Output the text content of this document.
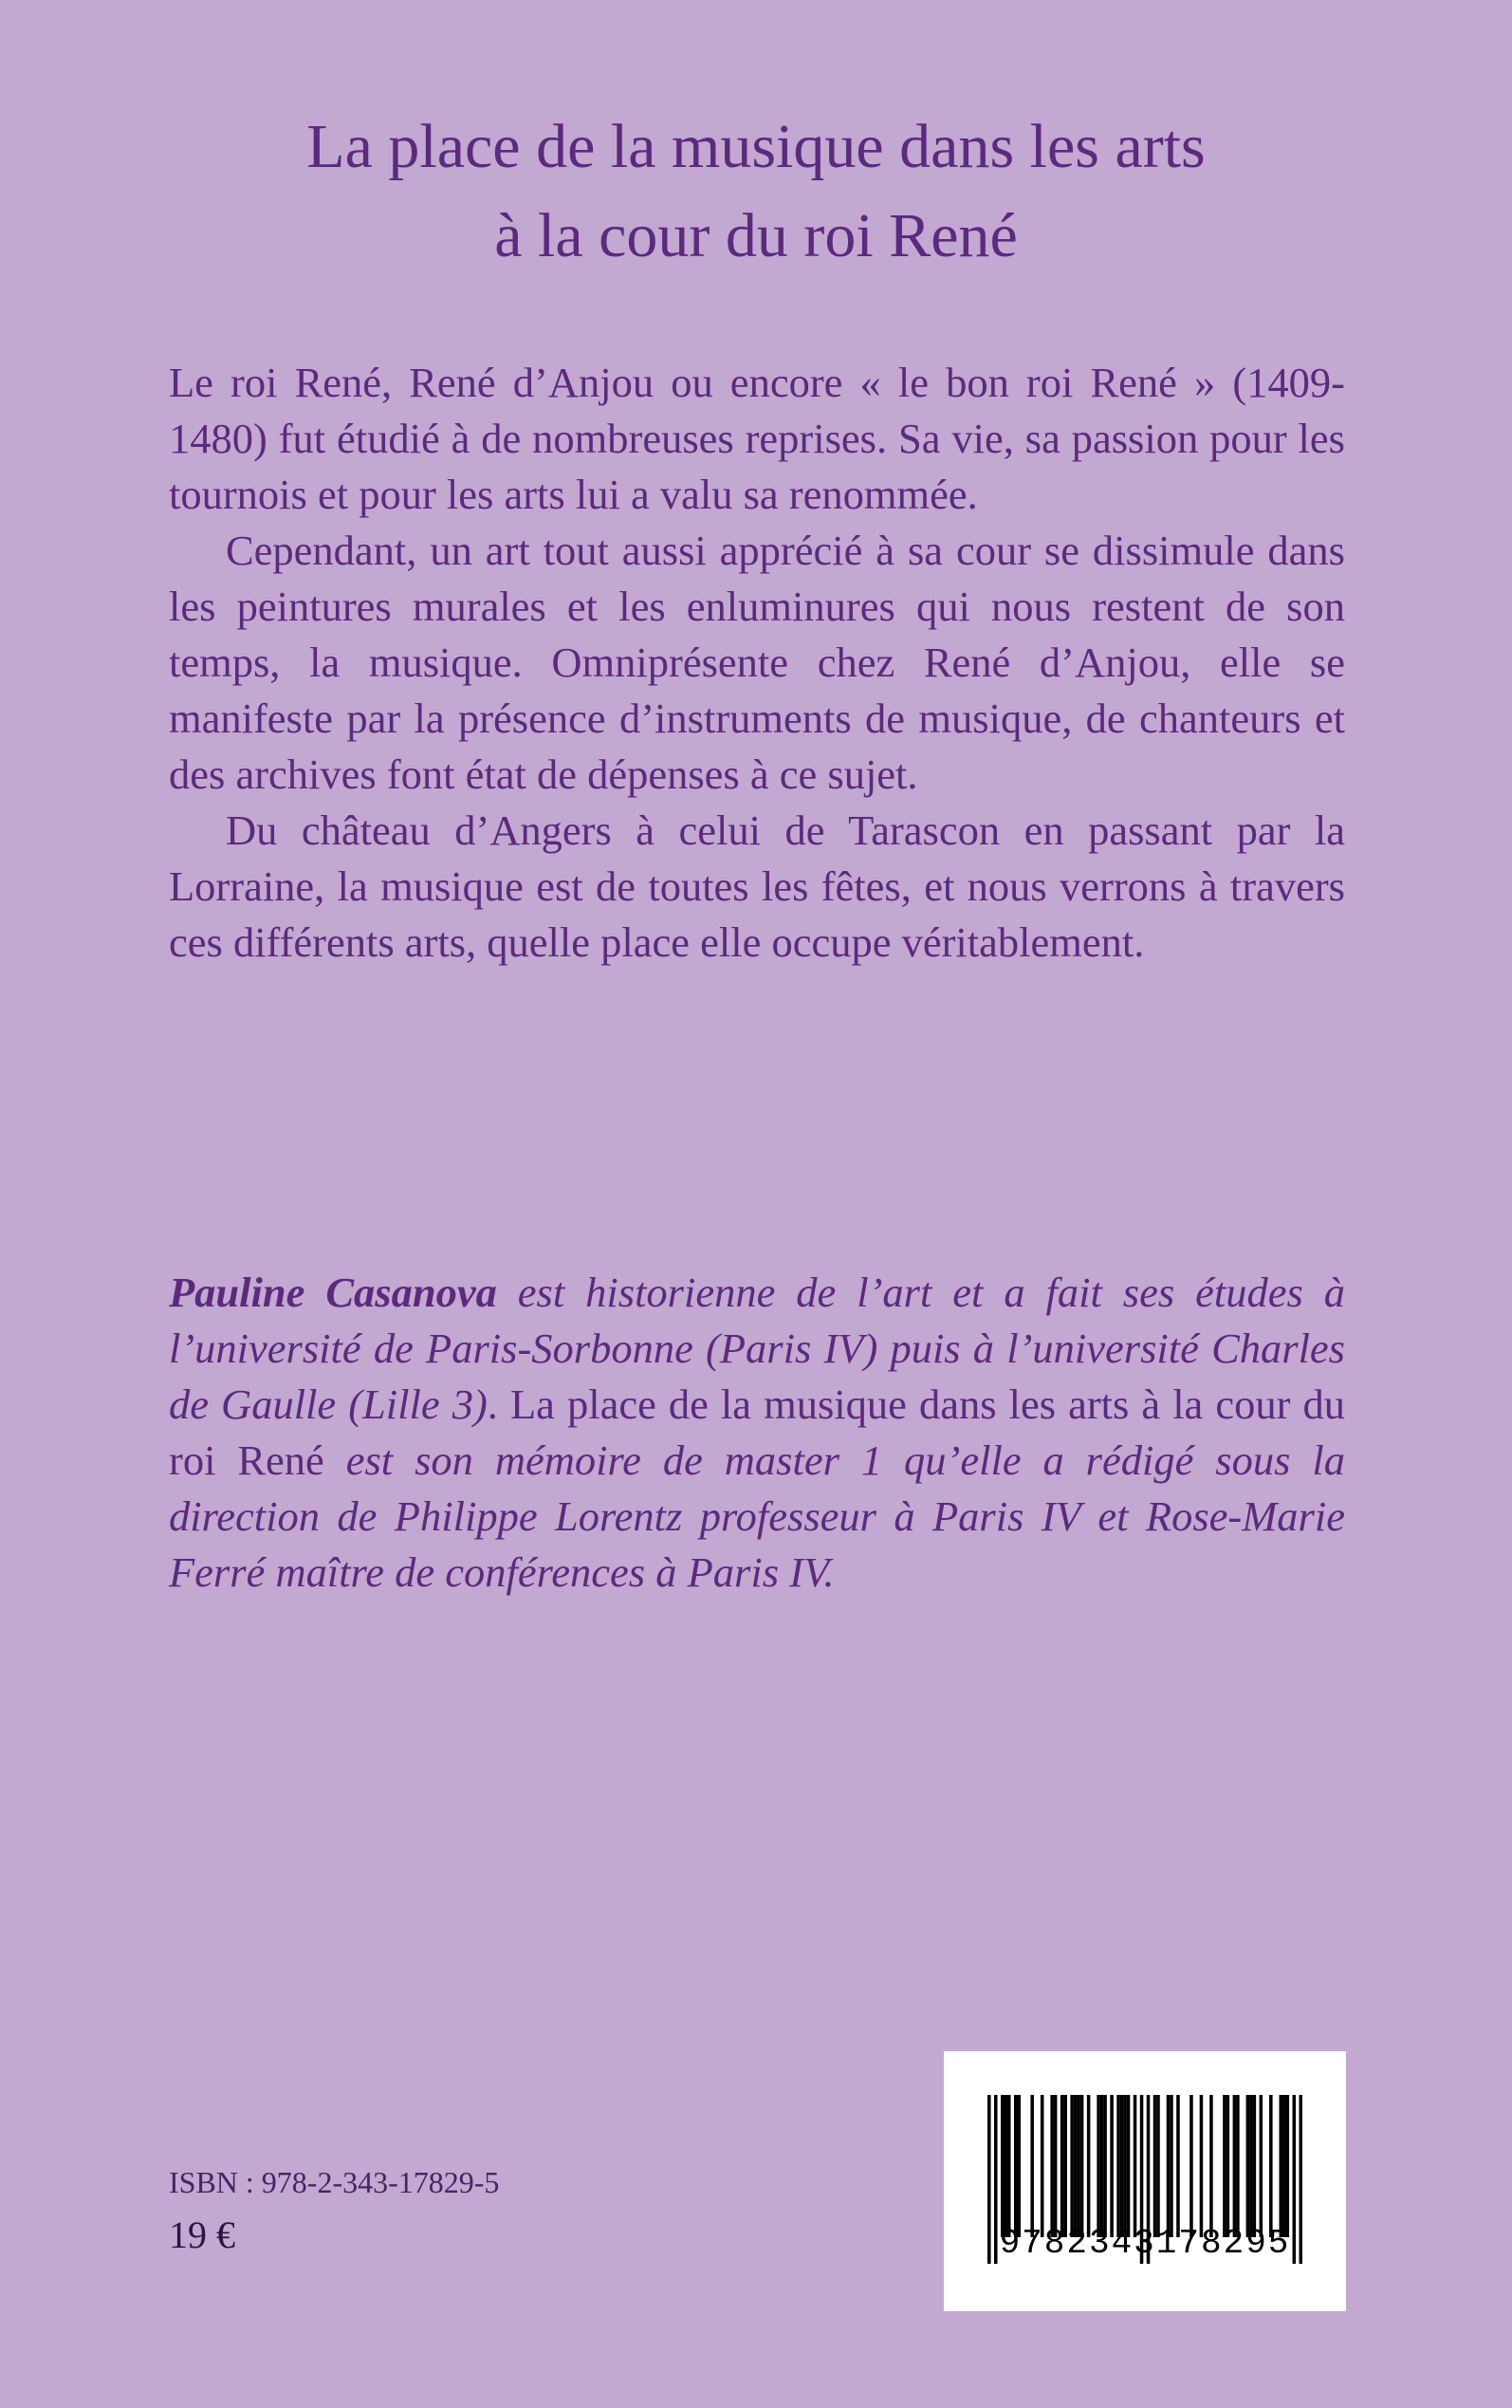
La place de la musique dans les arts
à la cour du roi René

Le roi René, René d’Anjou ou encore « le bon roi René » (1409-1480) fut étudié à de nombreuses reprises. Sa vie, sa passion pour les tournois et pour les arts lui a valu sa renommée.

Cependant, un art tout aussi apprécié à sa cour se dissimule dans les peintures murales et les enluminures qui nous restent de son temps, la musique. Omniprésente chez René d’Anjou, elle se manifeste par la présence d’instruments de musique, de chanteurs et des archives font état de dépenses à ce sujet.

Du château d’Angers à celui de Tarascon en passant par la Lorraine, la musique est de toutes les fêtes, et nous verrons à travers ces différents arts, quelle place elle occupe véritablement.

Pauline Casanova est historienne de l’art et a fait ses études à l’université de Paris-Sorbonne (Paris IV) puis à l’université Charles de Gaulle (Lille 3). La place de la musique dans les arts à la cour du roi René est son mémoire de master 1 qu’elle a rédigé sous la direction de Philippe Lorentz professeur à Paris IV et Rose-Marie Ferré maître de conférences à Paris IV.

ISBN : 978-2-343-17829-5
19 €	9782343178295
